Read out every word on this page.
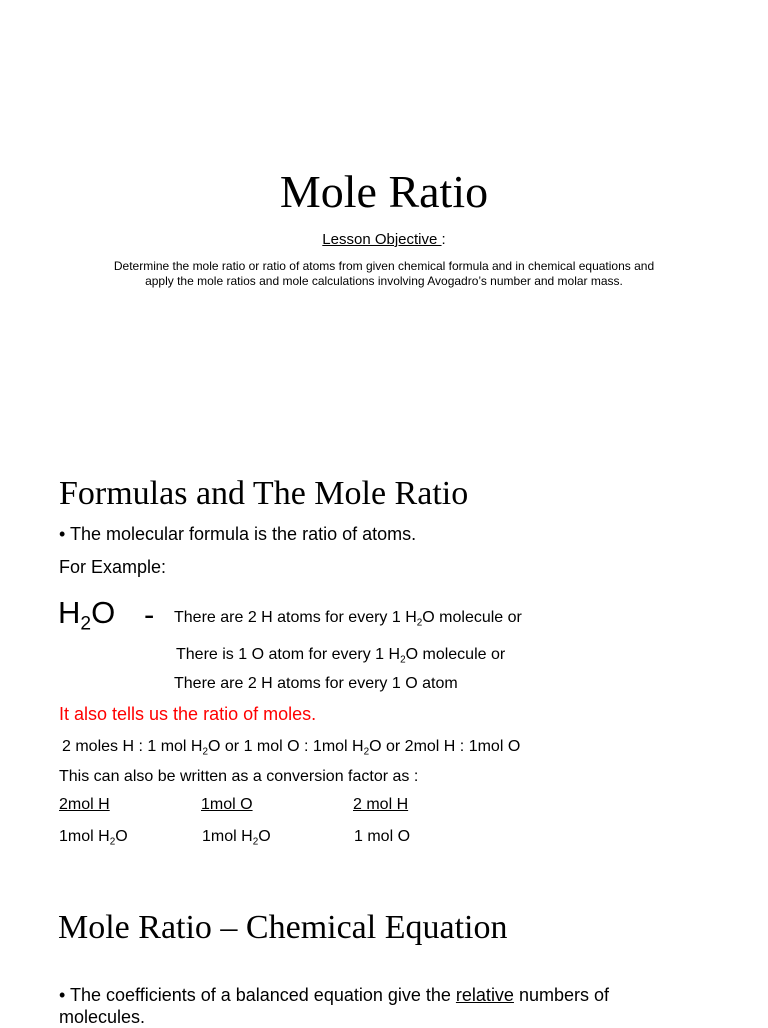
Mole Ratio
Lesson Objective :
Determine the mole ratio or ratio of atoms from given chemical formula and in chemical equations and apply the mole ratios and mole calculations involving Avogadro’s number and molar mass.
Formulas and The Mole Ratio
• The molecular formula is the ratio of atoms.
For Example:
$H_2O$ - There are 2 H atoms for every 1 $H_2O$ molecule or
There is 1 O atom for every 1 $H_2O$ molecule or
There are 2 H atoms for every 1 O atom
It also tells us the ratio of moles.
2 moles H : 1 mol $H_2O$ or 1 mol O : 1mol $H_2O$ or 2mol H : 1mol O
This can also be written as a conversion factor as :
2mol H	1mol O	2 mol H
1mol $H_2O$	1mol $H_2O$	1 mol O
Mole Ratio – Chemical Equation
• The coefficients of a balanced equation give the relative numbers of
molecules.
